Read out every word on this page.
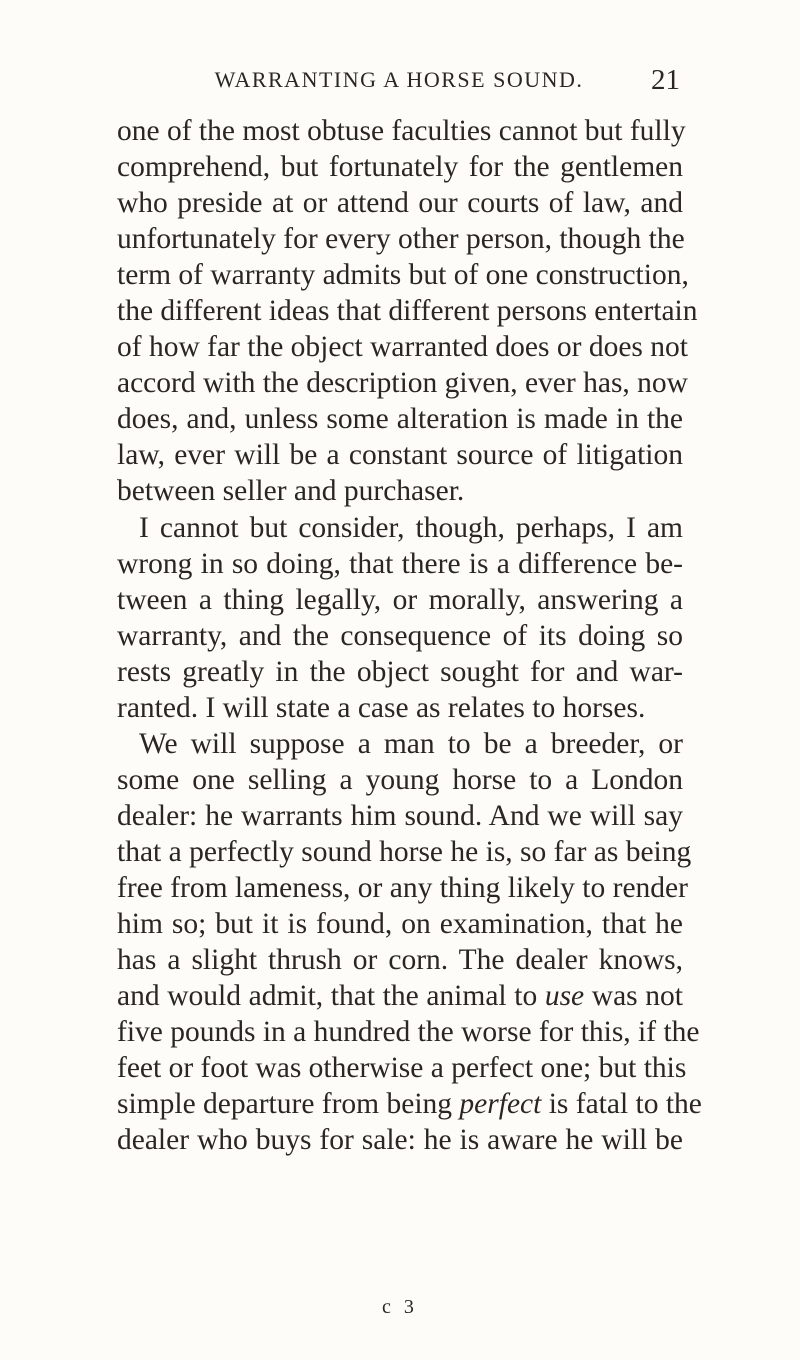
WARRANTING A HORSE SOUND.	21
one of the most obtuse faculties cannot but fully
comprehend, but fortunately for the gentlemen
who preside at or attend our courts of law, and
unfortunately for every other person, though the
term of warranty admits but of one construction,
the different ideas that different persons entertain
of how far the object warranted does or does not
accord with the description given, ever has, now
does, and, unless some alteration is made in the
law, ever will be a constant source of litigation
between seller and purchaser.
I cannot but consider, though, perhaps, I am
wrong in so doing, that there is a difference be-
tween a thing legally, or morally, answering a
warranty, and the consequence of its doing so
rests greatly in the object sought for and war-
ranted. I will state a case as relates to horses.
We will suppose a man to be a breeder, or
some one selling a young horse to a London
dealer: he warrants him sound. And we will say
that a perfectly sound horse he is, so far as being
free from lameness, or any thing likely to render
him so; but it is found, on examination, that he
has a slight thrush or corn. The dealer knows,
and would admit, that the animal to use was not
five pounds in a hundred the worse for this, if the
feet or foot was otherwise a perfect one; but this
simple departure from being perfect is fatal to the
dealer who buys for sale: he is aware he will be
c 3
